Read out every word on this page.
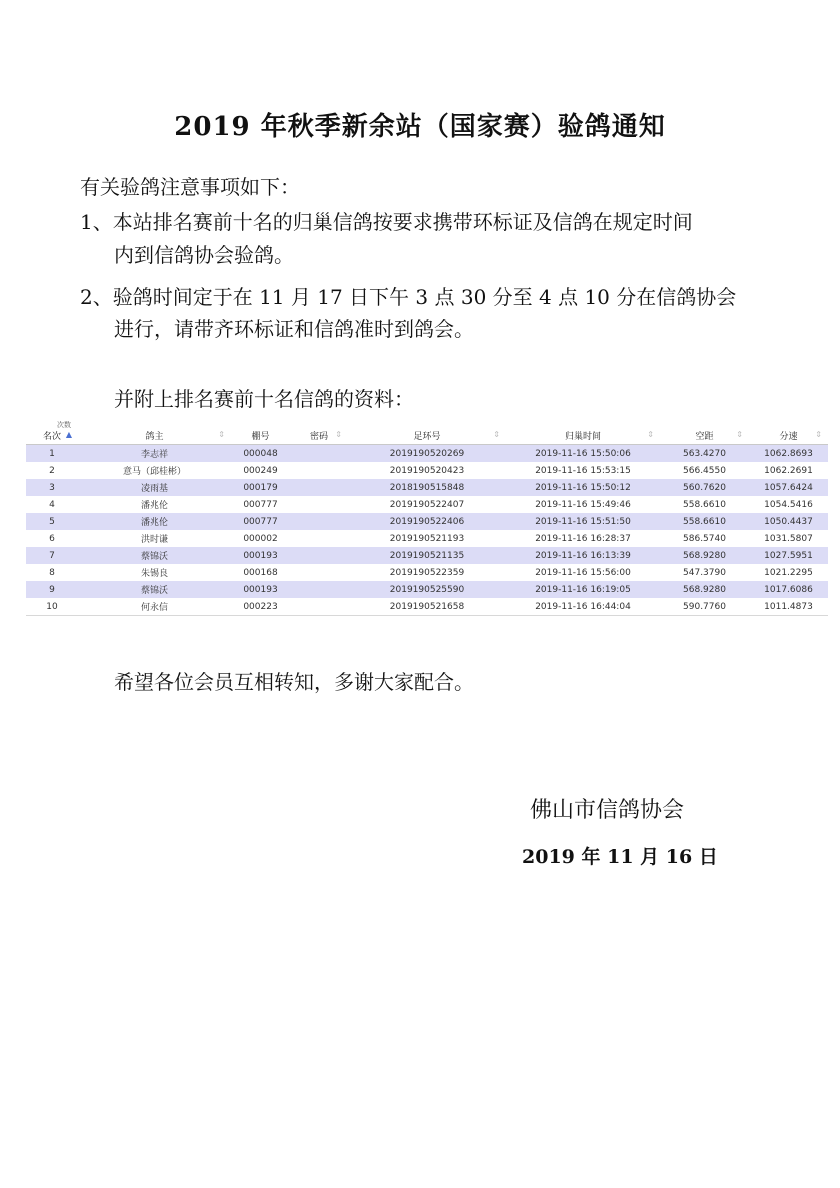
2019 年秋季新余站（国家赛）验鸽通知
有关验鸽注意事项如下：
1、本站排名赛前十名的归巢信鸽按要求携带环标证及信鸽在规定时间
内到信鸽协会验鸽。
2、验鸽时间定于在 11 月 17 日下午 3 点 30 分至 4 点 10 分在信鸽协会
进行，请带齐环标证和信鸽准时到鸽会。
并附上排名赛前十名信鸽的资料：
次数
名次 ▲	鸽主 ⇕	棚号	密码 ⇕	足环号 ⇕	归巢时间 ⇕	空距 ⇕	分速 ⇕

1	李志祥	000048		2019190520269	2019-11-16 15:50:06	563.4270	1062.8693
2	意马（邱桂彬）	000249		2019190520423	2019-11-16 15:53:15	566.4550	1062.2691
3	凌雨基	000179		2018190515848	2019-11-16 15:50:12	560.7620	1057.6424
4	潘兆伦	000777		2019190522407	2019-11-16 15:49:46	558.6610	1054.5416
5	潘兆伦	000777		2019190522406	2019-11-16 15:51:50	558.6610	1050.4437
6	洪时谦	000002		2019190521193	2019-11-16 16:28:37	586.5740	1031.5807
7	蔡锦沃	000193		2019190521135	2019-11-16 16:13:39	568.9280	1027.5951
8	朱锡良	000168		2019190522359	2019-11-16 15:56:00	547.3790	1021.2295
9	蔡锦沃	000193		2019190525590	2019-11-16 16:19:05	568.9280	1017.6086
10	何永信	000223		2019190521658	2019-11-16 16:44:04	590.7760	1011.4873
希望各位会员互相转知，多谢大家配合。
佛山市信鸽协会
2019 年 11 月 16 日
